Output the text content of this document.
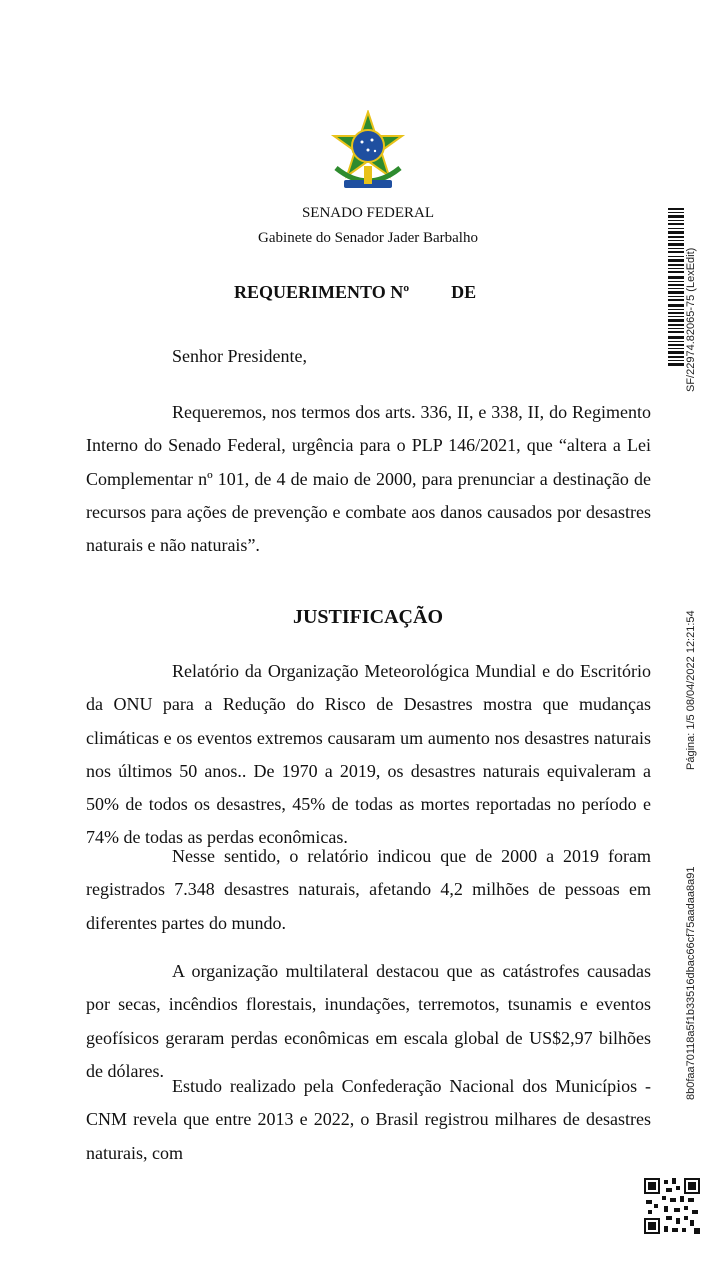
SENADO FEDERAL
Gabinete do Senador Jader Barbalho
REQUERIMENTO Nº DE
Senhor Presidente,

Requeremos, nos termos dos arts. 336, II, e 338, II, do Regimento Interno do Senado Federal, urgência para o PLP 146/2021, que “altera a Lei Complementar nº 101, de 4 de maio de 2000, para prenunciar a destinação de recursos para ações de prevenção e combate aos danos causados por desastres naturais e não naturais”.

JUSTIFICAÇÃO

Relatório da Organização Meteorológica Mundial e do Escritório da ONU para a Redução do Risco de Desastres mostra que mudanças climáticas e os eventos extremos causaram um aumento nos desastres naturais nos últimos 50 anos.. De 1970 a 2019, os desastres naturais equivaleram a 50% de todos os desastres, 45% de todas as mortes reportadas no período e 74% de todas as perdas econômicas.

Nesse sentido, o relatório indicou que de 2000 a 2019 foram registrados 7.348 desastres naturais, afetando 4,2 milhões de pessoas em diferentes partes do mundo.

A organização multilateral destacou que as catástrofes causadas por secas, incêndios florestais, inundações, terremotos, tsunamis e eventos geofísicos geraram perdas econômicas em escala global de US$2,97 bilhões de dólares.

Estudo realizado pela Confederação Nacional dos Municípios - CNM revela que entre 2013 e 2022, o Brasil registrou milhares de desastres naturais, com

SF/22974.82065-75 (LexEdit)
Página: 1/5 08/04/2022 12:21:54
8b0faa70118a5f1b33516dbac66cf75aadaa8a91
